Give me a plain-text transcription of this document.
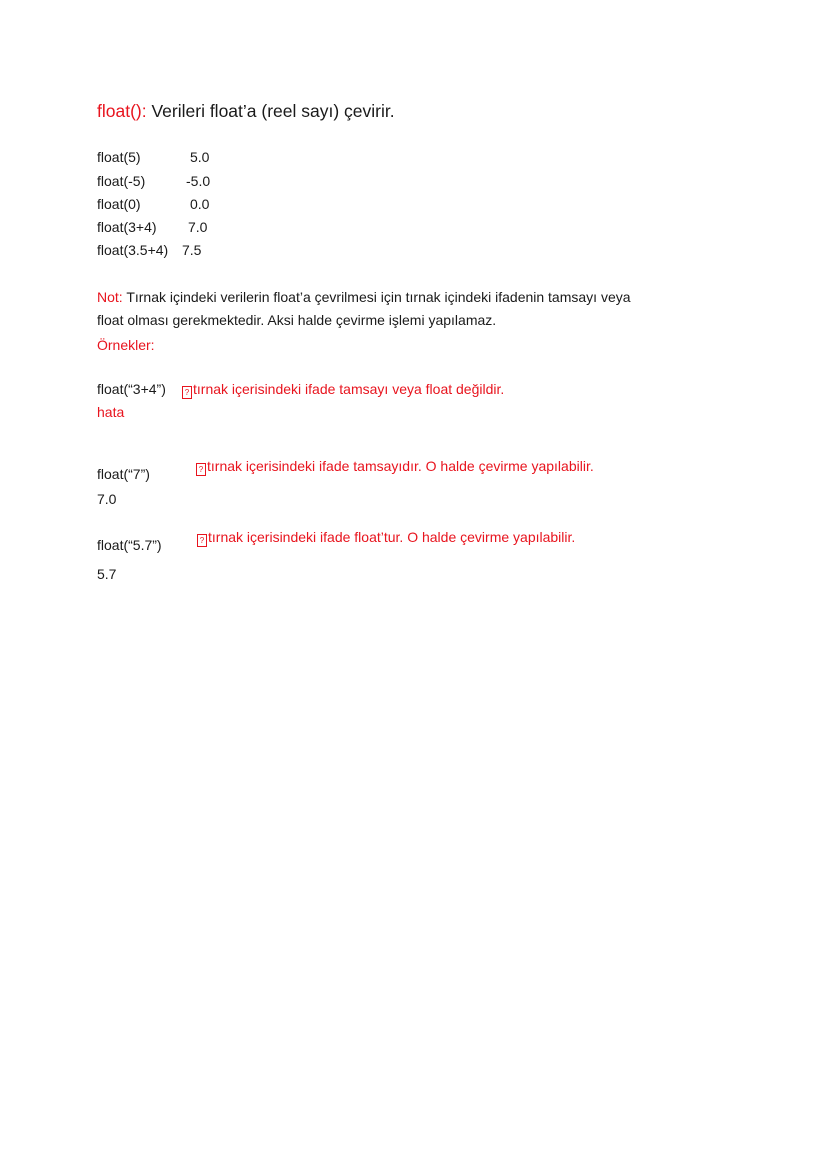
float(): Verileri float’a (reel sayı) çevirir.
float(5)	5.0
float(-5)	-5.0
float(0)	0.0
float(3+4) 7.0
float(3.5+4) 7.5
Not: Tırnak içindeki verilerin float’a çevrilmesi için tırnak içindeki ifadenin tamsayı veya
float olması gerekmektedir. Aksi halde çevirme işlemi yapılamaz.
Örnekler:
float(“3+4”)	? tırnak içerisindeki ifade tamsayı veya float değildir.
hata
float(“7”)	? tırnak içerisindeki ifade tamsayıdır. O halde çevirme yapılabilir.
7.0
float(“5.7”)	? tırnak içerisindeki ifade float’tur. O halde çevirme yapılabilir.
5.7
